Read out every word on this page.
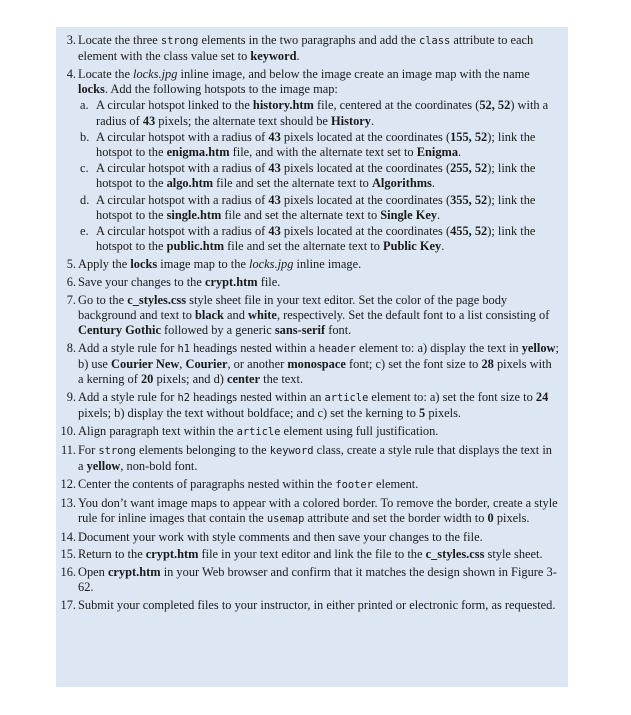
3. Locate the three strong elements in the two paragraphs and add the class attribute to each element with the class value set to keyword.
4. Locate the locks.jpg inline image, and below the image create an image map with the name locks. Add the following hotspots to the image map:
a. A circular hotspot linked to the history.htm file, centered at the coordinates (52, 52) with a radius of 43 pixels; the alternate text should be History.
b. A circular hotspot with a radius of 43 pixels located at the coordinates (155, 52); link the hotspot to the enigma.htm file, and with the alternate text set to Enigma.
c. A circular hotspot with a radius of 43 pixels located at the coordinates (255, 52); link the hotspot to the algo.htm file and set the alternate text to Algorithms.
d. A circular hotspot with a radius of 43 pixels located at the coordinates (355, 52); link the hotspot to the single.htm file and set the alternate text to Single Key.
e. A circular hotspot with a radius of 43 pixels located at the coordinates (455, 52); link the hotspot to the public.htm file and set the alternate text to Public Key.
5. Apply the locks image map to the locks.jpg inline image.
6. Save your changes to the crypt.htm file.
7. Go to the c_styles.css style sheet file in your text editor. Set the color of the page body background and text to black and white, respectively. Set the default font to a list consisting of Century Gothic followed by a generic sans-serif font.
8. Add a style rule for h1 headings nested within a header element to: a) display the text in yellow; b) use Courier New, Courier, or another monospace font; c) set the font size to 28 pixels with a kerning of 20 pixels; and d) center the text.
9. Add a style rule for h2 headings nested within an article element to: a) set the font size to 24 pixels; b) display the text without boldface; and c) set the kerning to 5 pixels.
10. Align paragraph text within the article element using full justification.
11. For strong elements belonging to the keyword class, create a style rule that displays the text in a yellow, non-bold font.
12. Center the contents of paragraphs nested within the footer element.
13. You don’t want image maps to appear with a colored border. To remove the border, create a style rule for inline images that contain the usemap attribute and set the border width to 0 pixels.
14. Document your work with style comments and then save your changes to the file.
15. Return to the crypt.htm file in your text editor and link the file to the c_styles.css style sheet.
16. Open crypt.htm in your Web browser and confirm that it matches the design shown in Figure 3-62.
17. Submit your completed files to your instructor, in either printed or electronic form, as requested.
